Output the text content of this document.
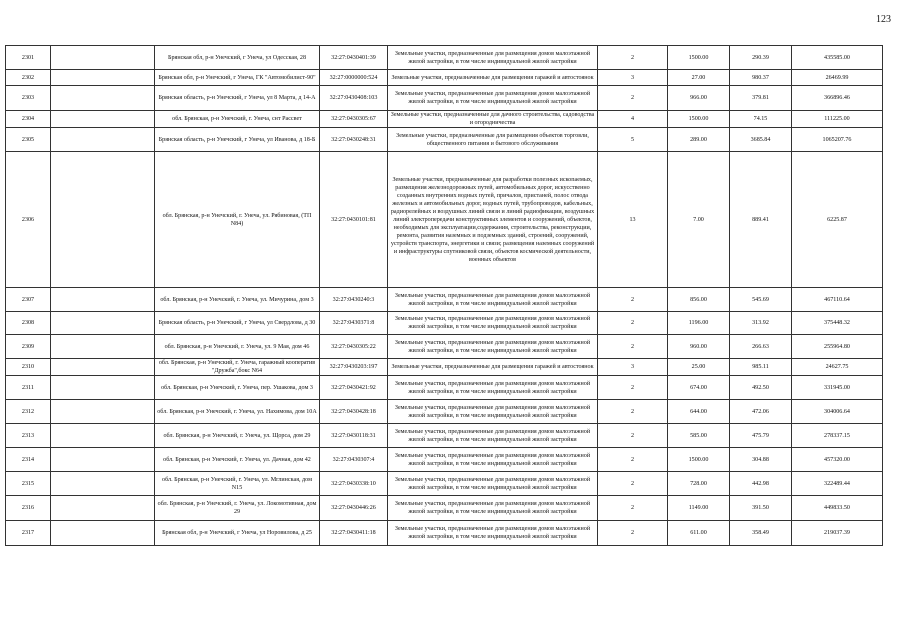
123
2301		Брянская обл, р-н Унечский, г Унеча, ул Одесская, 28	32:27:0430401:39	Земельные участки, предназначенные для размещения домов малоэтажной жилой застройки, в том числе индивидуальной жилой застройки	2	1500.00	290.39	435585.00
2302		Брянская обл, р-н Унечский, г Унеча, ГК "Автомобилист-90"	32:27:0000000:524	Земельные участки, предназначенные для размещения гаражей и автостоянок	3	27.00	980.37	26469.99
2303		Брянская область, р-н Унечский, г Унеча, ул 8 Марта, д 14-А	32:27:0430408:103	Земельные участки, предназначенные для размещения домов малоэтажной жилой застройки, в том числе индивидуальной жилой застройки	2	966.00	379.81	366896.46
2304		обл. Брянская, р-н Унечский, г. Унеча, снт Рассвет	32:27:0430305:67	Земельные участки, предназначенные для дачного строительства, садоводства и огородничества	4	1500.00	74.15	111225.00
2305		Брянская область, р-н Унечский, г Унеча, ул Иванова, д 18-Б	32:27:0430248:31	Земельные участки, предназначенные для размещения объектов торговли, общественного питания и бытового обслуживания	5	289.00	3685.84	1065207.76
2306		обл. Брянская, р-н Унечский, г. Унеча, ул. Рябиновая, (ТП N84)	32:27:0430101:81	Земельные участки, предназначенные для разработки полезных ископаемых, размещения железнодорожных путей, автомобильных дорог, искусственно созданных внутренних водных путей, причалов, пристаней, полос отвода железных и автомобильных дорог, водных путей, трубопроводов, кабельных, радиорелейных и воздушных линий связи и линий радиофикации, воздушных линий электропередачи конструктивных элементов и сооружений, объектов, необходимых для эксплуатации,содержания, строительства, реконструкции, ремонта, развития наземных и подземных зданий, строений, сооружений, устройств транспорта, энергетики и связи; размещения наземных сооружений и инфраструктуры спутниковой связи, объектов космической деятельности, военных объектов	13	7.00	889.41	6225.87
2307		обл. Брянская, р-н Унечский, г. Унеча, ул. Мичурина, дом 3	32:27:0430240:3	Земельные участки, предназначенные для размещения домов малоэтажной жилой застройки, в том числе индивидуальной жилой застройки	2	856.00	545.69	467110.64
2308		Брянская область, р-н Унечский, г Унеча, ул Свердлова, д 30	32:27:0430371:8	Земельные участки, предназначенные для размещения домов малоэтажной жилой застройки, в том числе индивидуальной жилой застройки	2	1196.00	313.92	375448.32
2309		обл. Брянская, р-н Унечский, г. Унеча, ул. 9 Мая, дом 46	32:27:0430305:22	Земельные участки, предназначенные для размещения домов малоэтажной жилой застройки, в том числе индивидуальной жилой застройки	2	960.00	266.63	255964.80
2310		обл. Брянская, р-н Унечский, г. Унеча, гаражный кооператив "Дружба",бокс N64	32:27:0430203:197	Земельные участки, предназначенные для размещения гаражей и автостоянок	3	25.00	985.11	24627.75
2311		обл. Брянская, р-н Унечский, г. Унеча, пер. Ушакова, дом 3	32:27:0430421:92	Земельные участки, предназначенные для размещения домов малоэтажной жилой застройки, в том числе индивидуальной жилой застройки	2	674.00	492.50	331945.00
2312		обл. Брянская, р-н Унечский, г. Унеча, ул. Нахимова, дом 10А	32:27:0430428:18	Земельные участки, предназначенные для размещения домов малоэтажной жилой застройки, в том числе индивидуальной жилой застройки	2	644.00	472.06	304006.64
2313		обл. Брянская, р-н Унечский, г. Унеча, ул. Щорса, дом 29	32:27:0430118:31	Земельные участки, предназначенные для размещения домов малоэтажной жилой застройки, в том числе индивидуальной жилой застройки	2	585.00	475.79	278337.15
2314		обл. Брянская, р-н Унечский, г. Унеча, ул. Дачная, дом 42	32:27:0430307:4	Земельные участки, предназначенные для размещения домов малоэтажной жилой застройки, в том числе индивидуальной жилой застройки	2	1500.00	304.88	457320.00
2315		обл. Брянская, р-н Унечский, г. Унеча, ул. Мглинская, дом N15	32:27:0430338:10	Земельные участки, предназначенные для размещения домов малоэтажной жилой застройки, в том числе индивидуальной жилой застройки	2	728.00	442.98	322489.44
2316		обл. Брянская, р-н Унечский, г. Унеча, ул. Локомотивная, дом 29	32:27:0430446:26	Земельные участки, предназначенные для размещения домов малоэтажной жилой застройки, в том числе индивидуальной жилой застройки	2	1149.00	391.50	449833.50
2317		Брянская обл, р-н Унечский, г Унеча, ул Норовилова, д 25	32:27:0430411:18	Земельные участки, предназначенные для размещения домов малоэтажной жилой застройки, в том числе индивидуальной жилой застройки	2	611.00	358.49	219037.39
